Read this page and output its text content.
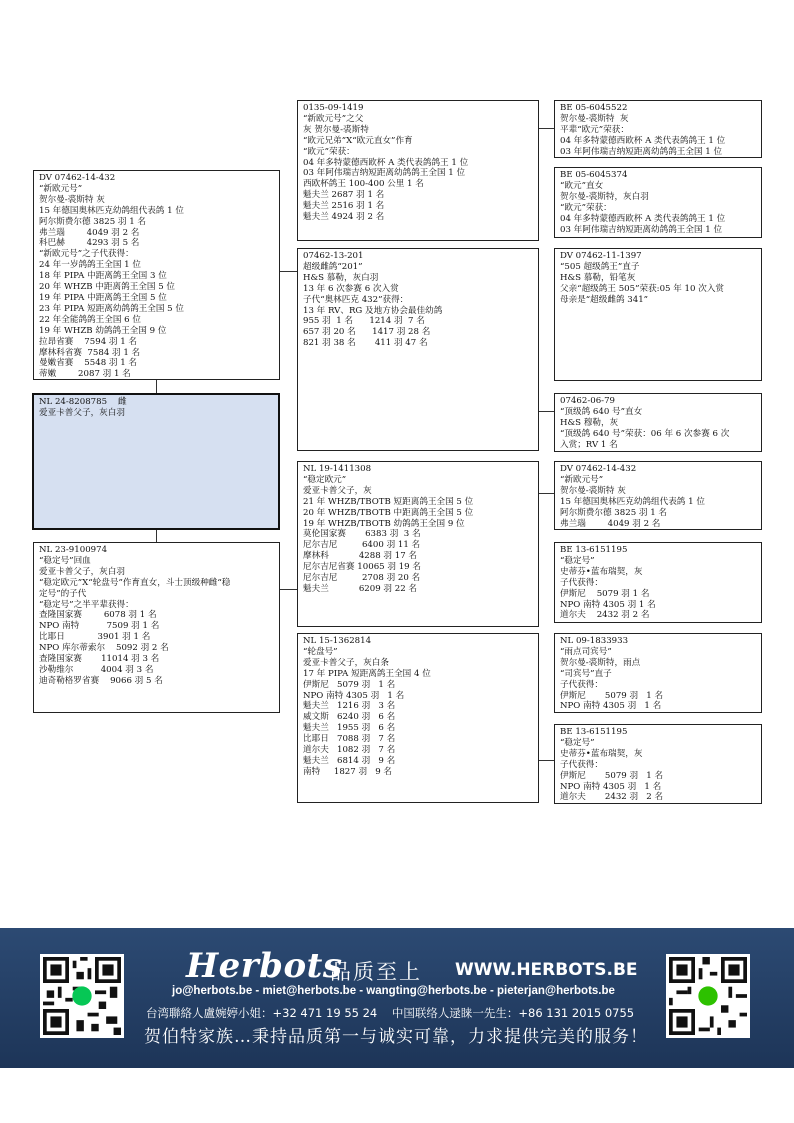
DV 07462-14-432
“新欧元号”
贺尔曼-裘斯特 灰
15 年德国奥林匹克幼鸽组代表鸽 1 位
阿尔斯费尔德 3825 羽 1 名
弗兰瑙        4049 羽 2 名
科巴赫        4293 羽 5 名
“新欧元号”之子代获得：
24 年一岁鸽鸽王全国 1 位
18 年 PIPA 中距离鸽王全国 3 位
20 年 WHZB 中距离鸽王全国 5 位
19 年 PIPA 中距离鸽王全国 5 位
23 年 PIPA 短距离幼鸽鸽王全国 5 位
22 年全能鸽鸽王全国 6 位
19 年 WHZB 幼鸽鸽王全国 9 位
拉昂省赛    7594 羽 1 名
摩林科省赛  7584 羽 1 名
曼嫩省赛    5548 羽 1 名
蒂嫩        2087 羽 1 名
NL 24-8208785    雌
爱亚卡普父子，灰白羽
NL 23-9100974
“稳定号”回血
爱亚卡普父子，灰白羽
“稳定欧元”X“轮盘号”作育直女，斗士顶级种雌“稳
定号”的子代
“稳定号”之半平辈获得：
查隆国家赛        6078 羽 1 名
NPO 南特          7509 羽 1 名
比耶日            3901 羽 1 名
NPO 库尔蒂索尔    5092 羽 2 名
查隆国家赛       11014 羽 3 名
沙勒维尔          4004 羽 3 名
迪奇勒格罗省赛    9066 羽 5 名
0135-09-1419
“新欧元号”之父
灰 贺尔曼-裘斯特
“欧元兄弟”X“欧元直女”作育
“欧元”荣获：
04 年多特蒙德西欧杯 A 类代表鸽鸽王 1 位
03 年阿伟瑞吉纳短距离幼鸽鸽王全国 1 位
西欧杯鸽王 100-400 公里 1 名
魁夫兰 2687 羽 1 名
魁夫兰 2516 羽 1 名
魁夫兰 4924 羽 2 名
07462-13-201
超级雌鸽“201”
H&S 慕勒，灰白羽
13 年 6 次参赛 6 次入赏
子代“奥林匹克 432”获得：
13 年 RV、RG 及地方协会最佳幼鸽
955 羽  1 名      1214 羽  7 名
657 羽 20 名      1417 羽 28 名
821 羽 38 名       411 羽 47 名
NL 19-1411308
“稳定欧元”
爱亚卡普父子，灰
21 年 WHZB/TBOTB 短距离鸽王全国 5 位
20 年 WHZB/TBOTB 中距离鸽王全国 5 位
19 年 WHZB/TBOTB 幼鸽鸽王全国 9 位
莫伦国家赛       6383 羽  3 名
尼尔吉尼         6400 羽 11 名
摩林科           4288 羽 17 名
尼尔吉尼省赛 10065 羽 19 名
尼尔吉尼         2708 羽 20 名
魁夫兰           6209 羽 22 名
NL 15-1362814
“轮盘号”
爱亚卡普父子，灰白条
17 年 PIPA 短距离鸽王全国 4 位
伊斯尼   5079 羽   1 名
NPO 南特 4305 羽   1 名
魁夫兰   1216 羽   3 名
威文斯   6240 羽   6 名
魁夫兰   1955 羽   6 名
比耶日   7088 羽   7 名
道尔夫   1082 羽   7 名
魁夫兰   6814 羽   9 名
南特     1827 羽   9 名
BE 05-6045522
贺尔曼-裘斯特  灰
平辈“欧元”荣获：
04 年多特蒙德西欧杯 A 类代表鸽鸽王 1 位
03 年阿伟瑞吉纳短距离幼鸽鸽王全国 1 位
BE 05-6045374
“欧元”直女
贺尔曼-裘斯特，灰白羽
“欧元”荣获：
04 年多特蒙德西欧杯 A 类代表鸽鸽王 1 位
03 年阿伟瑞吉纳短距离幼鸽鸽王全国 1 位
DV 07462-11-1397
“505 超级鸽王”直子
H&S 慕勒，铅笔灰
父亲“超级鸽王 505”荣获:05 年 10 次入赏
母亲是“超级雌鸽 341”
07462-06-79
“顶级鸽 640 号”直女
H&S 穆勒，灰
“顶级鸽 640 号”荣获：06 年 6 次参赛 6 次
入赏；RV 1 名
DV 07462-14-432
“新欧元号”
贺尔曼-裘斯特 灰
15 年德国奥林匹克幼鸽组代表鸽 1 位
阿尔斯费尔德 3825 羽 1 名
弗兰瑙        4049 羽 2 名
BE 13-6151195
“稳定号”
史蒂芬•蓝布瑞契，灰
子代获得：
伊斯尼    5079 羽 1 名
NPO 南特 4305 羽 1 名
道尔夫    2432 羽 2 名
NL 09-1833933
“雨点司宾号”
贺尔曼-裘斯特，雨点
“司宾号”直子
子代获得：
伊斯尼       5079 羽   1 名
NPO 南特 4305 羽   1 名
BE 13-6151195
“稳定号”
史蒂芬•蓝布瑞契，灰
子代获得：
伊斯尼       5079 羽   1 名
NPO 南特 4305 羽   1 名
道尔夫       2432 羽   2 名
Herbots
品质至上 WWW.HERBOTS.BE
jo@herbots.be - miet@herbots.be - wangting@herbots.be - pieterjan@herbots.be
台湾聯絡人盧婉婷小姐：+32 471 19 55 24    中国联络人逯睐一先生：+86 131 2015 0755
贺伯特家族…秉持品质第一与诚实可靠，力求提供完美的服务！
